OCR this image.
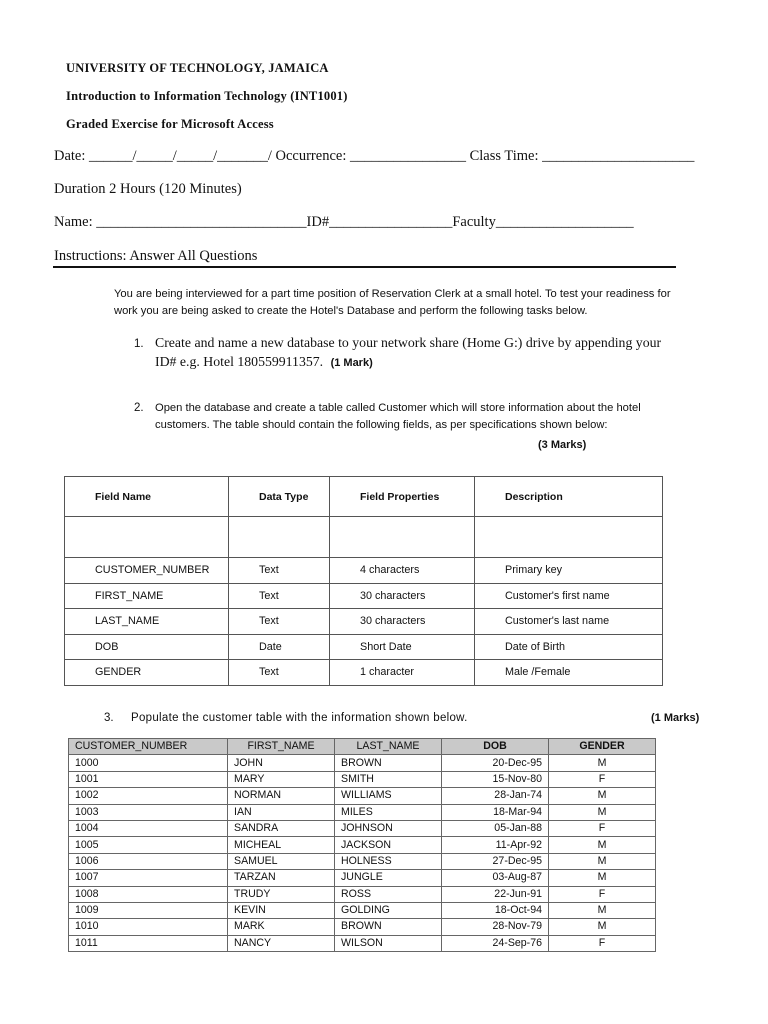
UNIVERSITY OF TECHNOLOGY, JAMAICA
Introduction to Information Technology (INT1001)
Graded Exercise for Microsoft Access
Date: ______/_____/_____/_______/ Occurrence: ________________ Class Time: _____________________
Duration 2 Hours (120 Minutes)
Name: _____________________________ID#_________________Faculty___________________
Instructions: Answer All Questions
You are being interviewed for a part time position of Reservation Clerk at a small hotel. To test your readiness for work you are being asked to create the Hotel's Database and perform the following tasks below.
1. Create and name a new database to your network share (Home G:) drive by appending your
ID# e.g. Hotel 180559911357. (1 Mark)
2. Open the database and create a table called Customer which will store information about the hotel customers. The table should contain the following fields, as per specifications shown below:
(3 Marks)
Field Name	Data Type	Field Properties	Description

CUSTOMER_NUMBER	Text	4 characters	Primary key
FIRST_NAME	Text	30 characters	Customer's first name
LAST_NAME	Text	30 characters	Customer's last name
DOB	Date	Short Date	Date of Birth
GENDER	Text	1 character	Male /Female
3. Populate the customer table with the information shown below.	(1 Marks)
CUSTOMER_NUMBER	FIRST_NAME	LAST_NAME	DOB	GENDER
1000	JOHN	BROWN	20-Dec-95	M
1001	MARY	SMITH	15-Nov-80	F
1002	NORMAN	WILLIAMS	28-Jan-74	M
1003	IAN	MILES	18-Mar-94	M
1004	SANDRA	JOHNSON	05-Jan-88	F
1005	MICHEAL	JACKSON	11-Apr-92	M
1006	SAMUEL	HOLNESS	27-Dec-95	M
1007	TARZAN	JUNGLE	03-Aug-87	M
1008	TRUDY	ROSS	22-Jun-91	F
1009	KEVIN	GOLDING	18-Oct-94	M
1010	MARK	BROWN	28-Nov-79	M
1011	NANCY	WILSON	24-Sep-76	F
